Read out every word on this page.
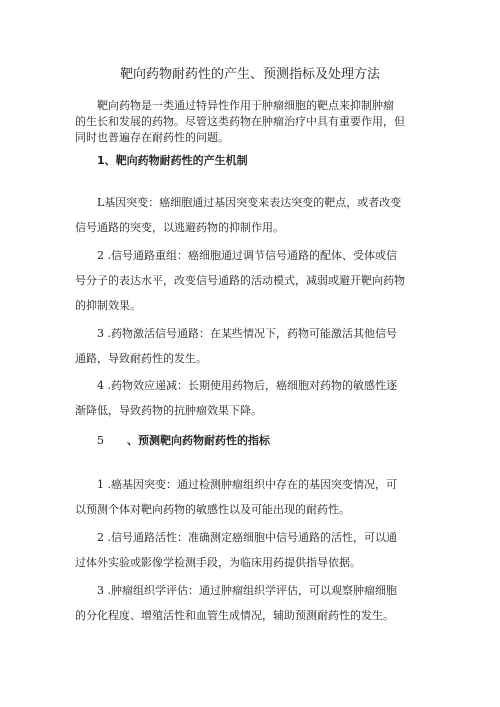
靶向药物耐药性的产生、预测指标及处理方法
靶向药物是一类通过特异性作用于肿瘤细胞的靶点来抑制肿瘤
的生长和发展的药物。尽管这类药物在肿瘤治疗中具有重要作用，但
同时也普遍存在耐药性的问题。
1、靶向药物耐药性的产生机制
L基因突变：癌细胞通过基因突变来表达突变的靶点，或者改变
信号通路的突变，以逃避药物的抑制作用。
2 .信号通路重组：癌细胞通过调节信号通路的配体、受体或信
号分子的表达水平，改变信号通路的活动模式，减弱或避开靶向药物
的抑制效果。
3 .药物激活信号通路：在某些情况下，药物可能激活其他信号
通路，导致耐药性的发生。
4 .药物效应递减：长期使用药物后，癌细胞对药物的敏感性逐
渐降低，导致药物的抗肿瘤效果下降。
5 、预测靶向药物耐药性的指标
1 .癌基因突变：通过检测肿瘤组织中存在的基因突变情况，可
以预测个体对靶向药物的敏感性以及可能出现的耐药性。
2 .信号通路活性：准确测定癌细胞中信号通路的活性，可以通
过体外实验或影像学检测手段，为临床用药提供指导依据。
3 .肿瘤组织学评估：通过肿瘤组织学评估，可以观察肿瘤细胞
的分化程度、增殖活性和血管生成情况，辅助预测耐药性的发生。
